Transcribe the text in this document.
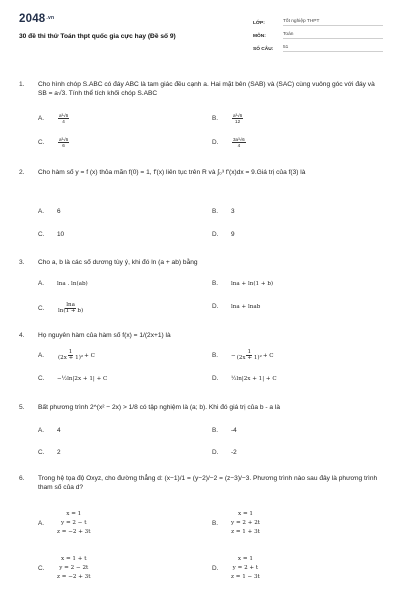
$2048^{.vn}$
30 đề thi thử Toán thpt quốc gia cực hay (Đề số 9)
LỚP:	Tốt nghiệp THPT
MÔN:	Toán
SỐ CÂU:	51
1.	Cho hình chóp S.ABC có đáy ABC là tam giác đều cạnh a. Hai mặt bên (SAB) và (SAC) cùng vuông góc với đáy và SB = a√3. Tính thể tích khối chóp S.ABC
A.	$\frac{\text{a³√6}}{4}$	B.	$\frac{\text{a³√6}}{12}$
C.	$\frac{\text{a³√6}}{6}$	D.	$\frac{\text{3a³√6}}{4}$
2.	Cho hàm số y = f (x) thỏa mãn f(0) = 1, f'(x) liên tục trên R và ∫₀³ f'(x)dx = 9.Giá trị của f(3) là
A.	6	B.	3
C.	10	D.	9
3.	Cho a, b là các số dương tùy ý, khi đó ln (a + ab) bằng
A.	lna . ln(ab)	B.	lna + ln(1 + b)
C.	$\frac{\ln a}{\ln(1 + b)}$	D.	lna + lnab
4.	Họ nguyên hàm của hàm số f(x) = 1/(2x+1) là
A.	$\frac{1}{\text{(2x + 1)²}} + C$	B.	− $\frac{1}{\text{(2x + 1)²}} + C$
C.	−½ln|2x + 1| + C	D.	½ln|2x + 1| + C
5.	Bất phương trình 2^(x² − 2x) > 1/8 có tập nghiệm là (a; b). Khi đó giá trị của b - a là
A.	4	B.	-4
C.	2	D.	-2
6.	Trong hệ tọa độ Oxyz, cho đường thẳng d: (x−1)/1 = (y−2)/−2 = (z−3)/−3. Phương trình nào sau đây là phương trình tham số của d?
A.
x = 1
y = 2 − t
z = −2 + 3t
B.
x = 1
y = 2 + 2t
z = 1 + 3t
C.
x = 1 + t
y = 2 − 2t
z = −2 + 3t
D.
x = 1
y = 2 + t
z = 1 − 3t
